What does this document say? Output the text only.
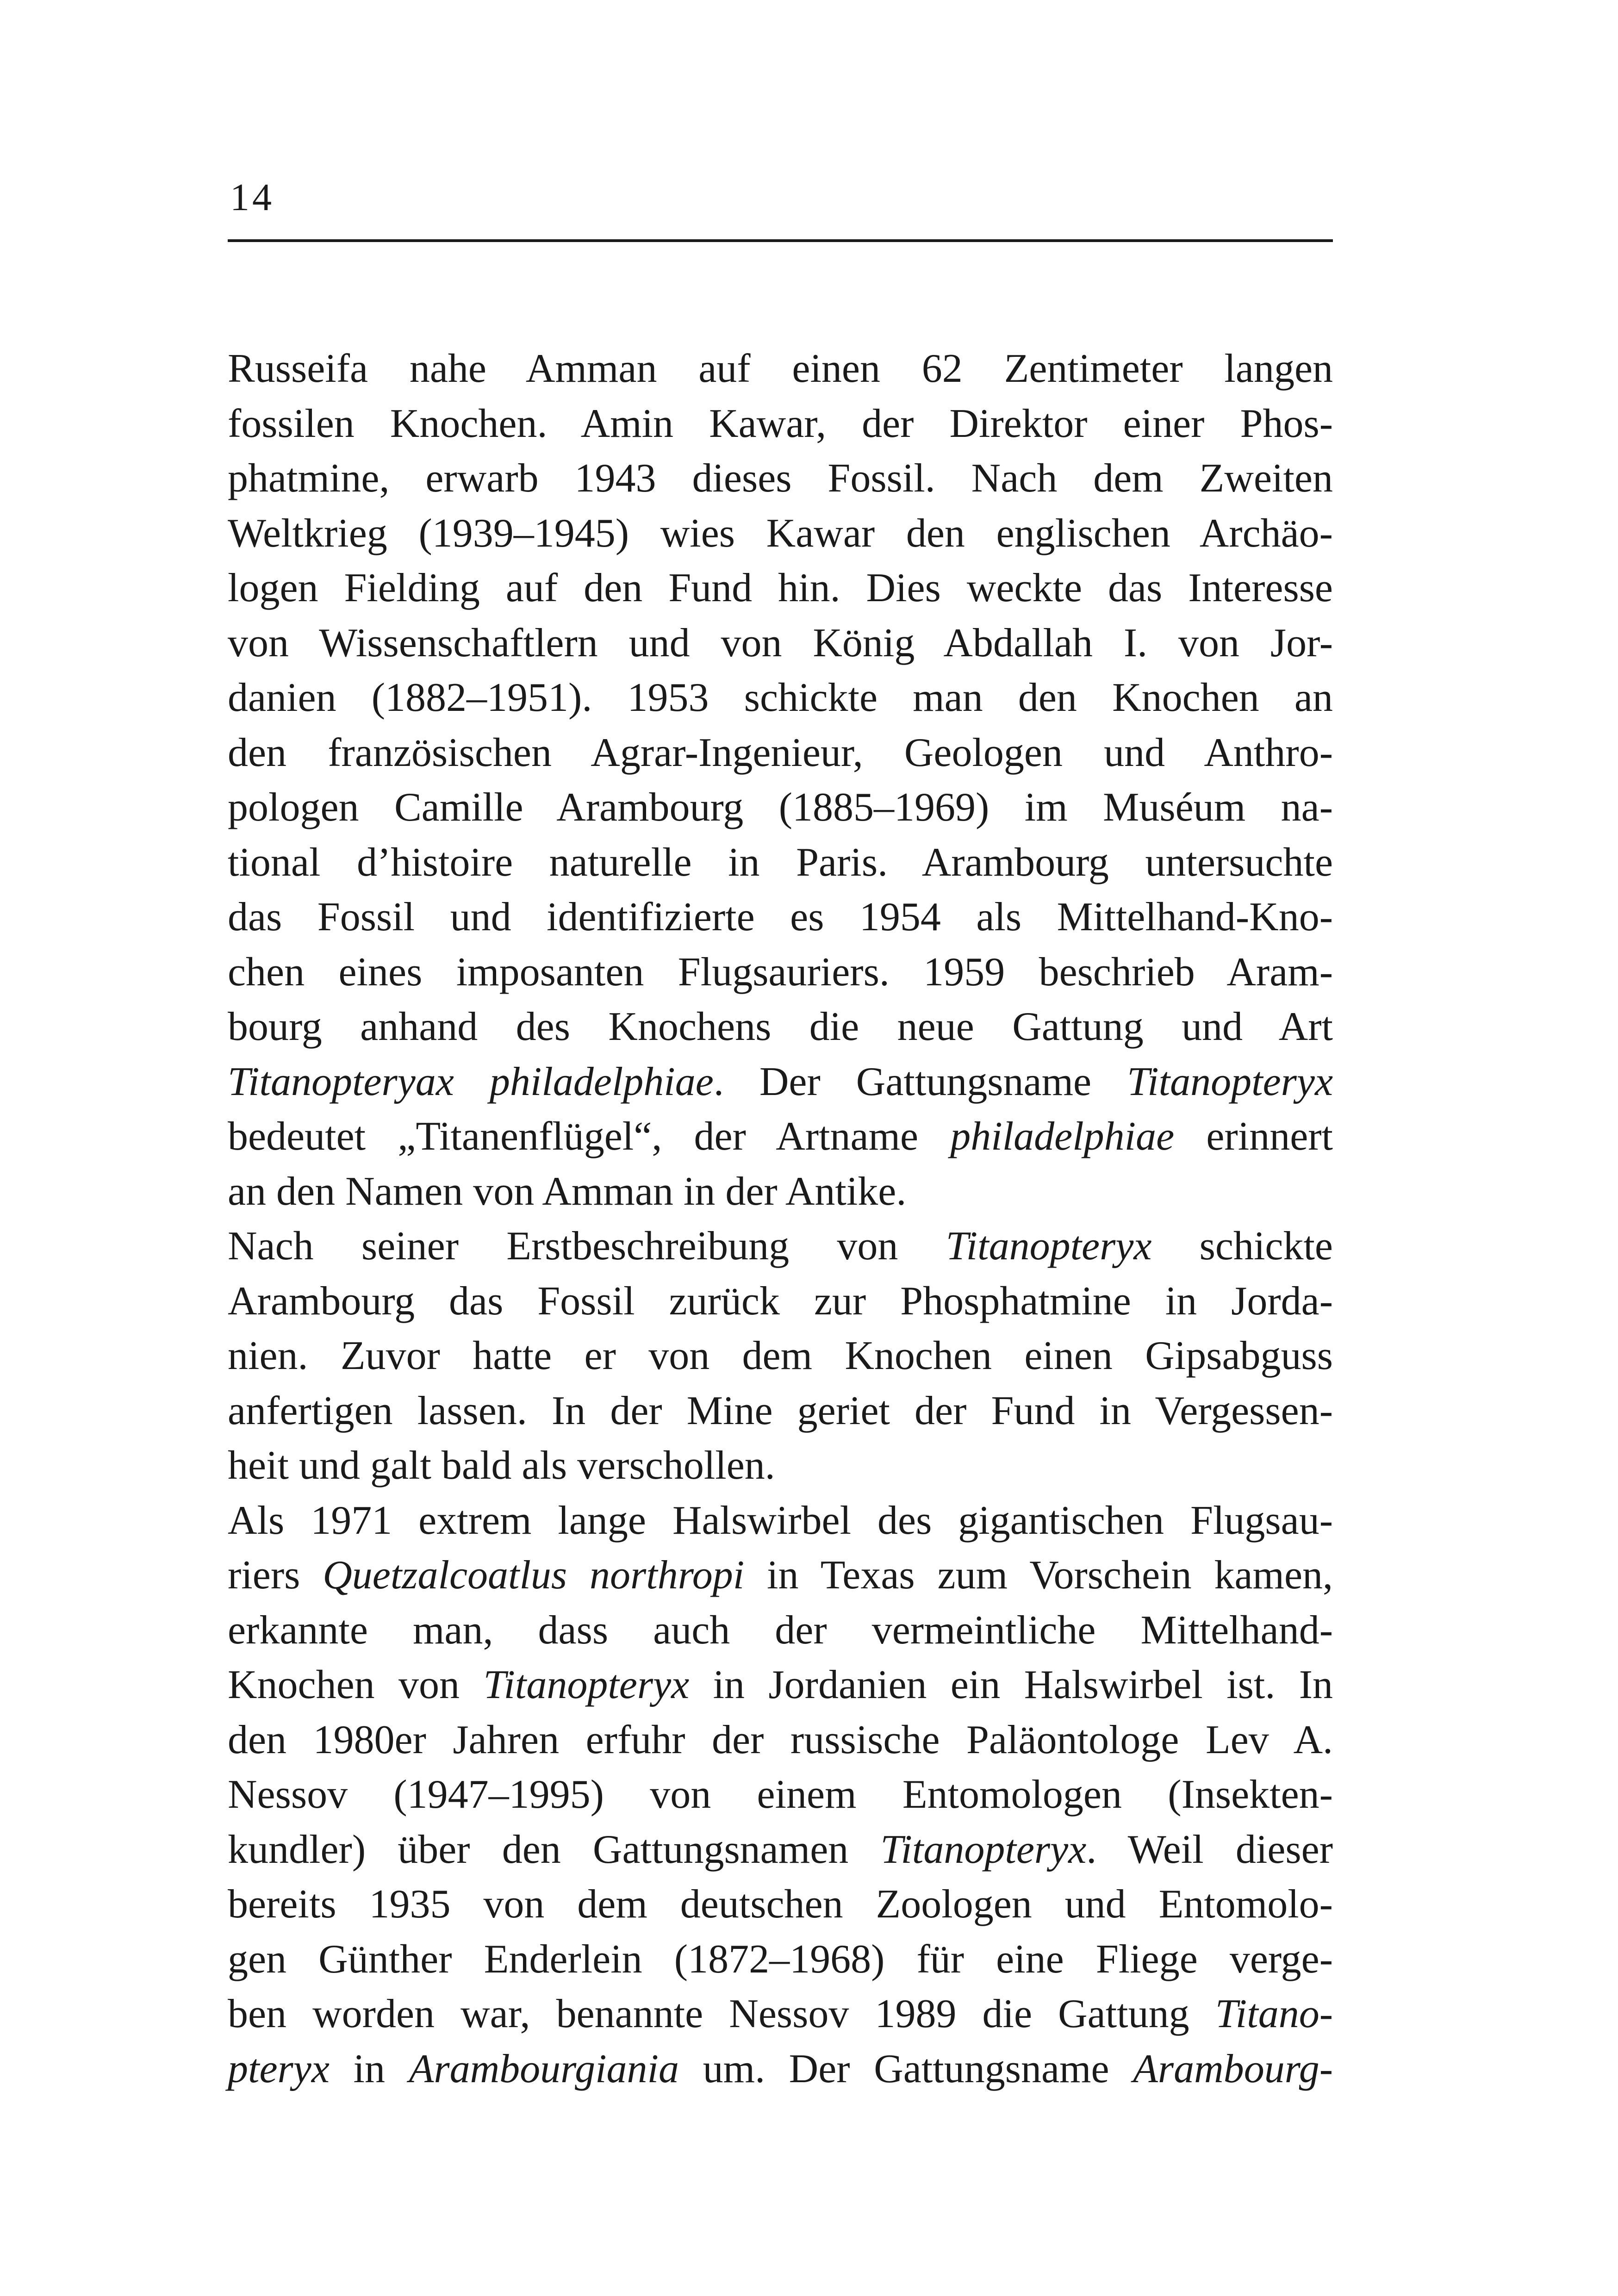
14
Russeifa nahe Amman auf einen 62 Zentimeter langen
fossilen Knochen. Amin Kawar, der Direktor einer Phos-
phatmine, erwarb 1943 dieses Fossil. Nach dem Zweiten
Weltkrieg (1939–1945) wies Kawar den englischen Archäo-
logen Fielding auf den Fund hin. Dies weckte das Interesse
von Wissenschaftlern und von König Abdallah I. von Jor-
danien (1882–1951). 1953 schickte man den Knochen an
den französischen Agrar-Ingenieur, Geologen und Anthro-
pologen Camille Arambourg (1885–1969) im Muséum na-
tional d’histoire naturelle in Paris. Arambourg untersuchte
das Fossil und identifizierte es 1954 als Mittelhand-Kno-
chen eines imposanten Flugsauriers. 1959 beschrieb Aram-
bourg anhand des Knochens die neue Gattung und Art
Titanopteryax philadelphiae. Der Gattungsname Titanopteryx
bedeutet „Titanenflügel“, der Artname philadelphiae erinnert
an den Namen von Amman in der Antike.
Nach seiner Erstbeschreibung von Titanopteryx schickte
Arambourg das Fossil zurück zur Phosphatmine in Jorda-
nien. Zuvor hatte er von dem Knochen einen Gipsabguss
anfertigen lassen. In der Mine geriet der Fund in Vergessen-
heit und galt bald als verschollen.
Als 1971 extrem lange Halswirbel des gigantischen Flugsau-
riers Quetzalcoatlus northropi in Texas zum Vorschein kamen,
erkannte man, dass auch der vermeintliche Mittelhand-
Knochen von Titanopteryx in Jordanien ein Halswirbel ist. In
den 1980er Jahren erfuhr der russische Paläontologe Lev A.
Nessov (1947–1995) von einem Entomologen (Insekten-
kundler) über den Gattungsnamen Titanopteryx. Weil dieser
bereits 1935 von dem deutschen Zoologen und Entomolo-
gen Günther Enderlein (1872–1968) für eine Fliege verge-
ben worden war, benannte Nessov 1989 die Gattung Titano-
pteryx in Arambourgiania um. Der Gattungsname Arambourg-
